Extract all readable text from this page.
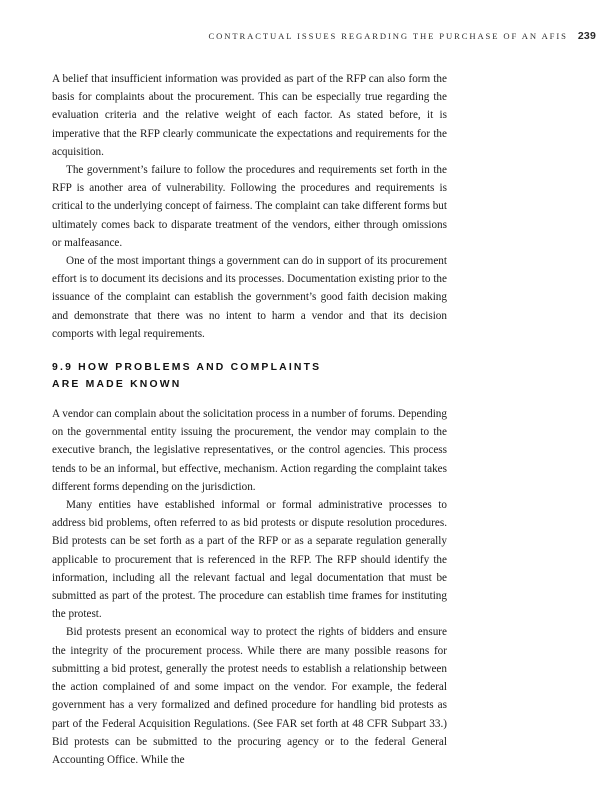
CONTRACTUAL ISSUES REGARDING THE PURCHASE OF AN AFIS 239

A belief that insufficient information was provided as part of the RFP can also form the basis for complaints about the procurement. This can be especially true regarding the evaluation criteria and the relative weight of each factor. As stated before, it is imperative that the RFP clearly communicate the expectations and requirements for the acquisition.

The government’s failure to follow the procedures and requirements set forth in the RFP is another area of vulnerability. Following the procedures and requirements is critical to the underlying concept of fairness. The complaint can take different forms but ultimately comes back to disparate treatment of the vendors, either through omissions or malfeasance.

One of the most important things a government can do in support of its procurement effort is to document its decisions and its processes. Documentation existing prior to the issuance of the complaint can establish the government’s good faith decision making and demonstrate that there was no intent to harm a vendor and that its decision comports with legal requirements.

9.9 HOW PROBLEMS AND COMPLAINTS
ARE MADE KNOWN

A vendor can complain about the solicitation process in a number of forums. Depending on the governmental entity issuing the procurement, the vendor may complain to the executive branch, the legislative representatives, or the control agencies. This process tends to be an informal, but effective, mechanism. Action regarding the complaint takes different forms depending on the jurisdiction.

Many entities have established informal or formal administrative processes to address bid problems, often referred to as bid protests or dispute resolution procedures. Bid protests can be set forth as a part of the RFP or as a separate regulation generally applicable to procurement that is referenced in the RFP. The RFP should identify the information, including all the relevant factual and legal documentation that must be submitted as part of the protest. The procedure can establish time frames for instituting the protest.

Bid protests present an economical way to protect the rights of bidders and ensure the integrity of the procurement process. While there are many possible reasons for submitting a bid protest, generally the protest needs to establish a relationship between the action complained of and some impact on the vendor. For example, the federal government has a very formalized and defined procedure for handling bid protests as part of the Federal Acquisition Regulations. (See FAR set forth at 48 CFR Subpart 33.) Bid protests can be submitted to the procuring agency or to the federal General Accounting Office. While the
